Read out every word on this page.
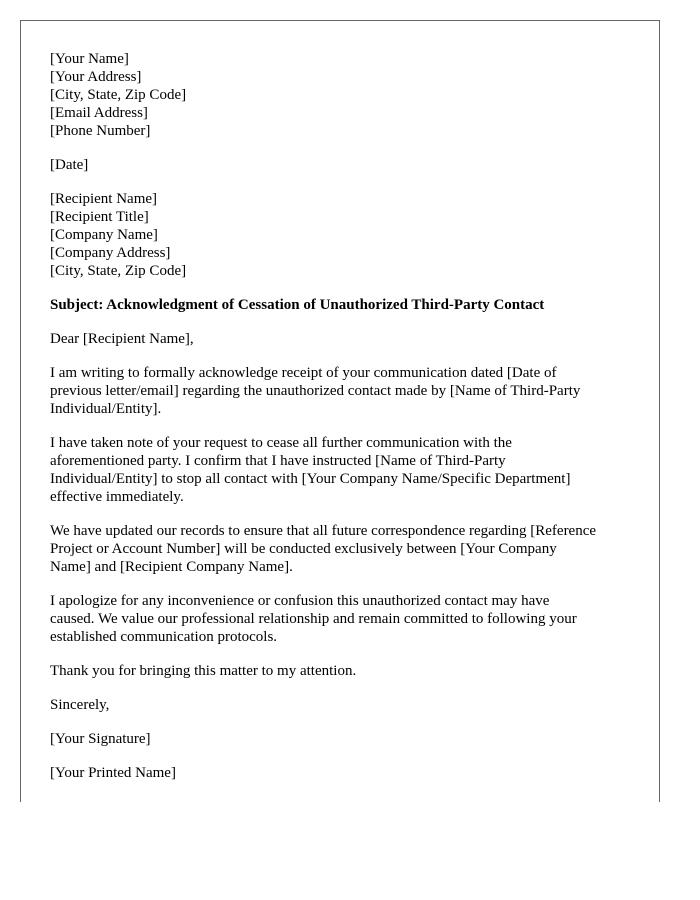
[Your Name]
[Your Address]
[City, State, Zip Code]
[Email Address]
[Phone Number]
[Date]
[Recipient Name]
[Recipient Title]
[Company Name]
[Company Address]
[City, State, Zip Code]
Subject: Acknowledgment of Cessation of Unauthorized Third-Party Contact
Dear [Recipient Name],

I am writing to formally acknowledge receipt of your communication dated [Date of
previous letter/email] regarding the unauthorized contact made by [Name of Third-Party
Individual/Entity].

I have taken note of your request to cease all further communication with the
aforementioned party. I confirm that I have instructed [Name of Third-Party
Individual/Entity] to stop all contact with [Your Company Name/Specific Department]
effective immediately.

We have updated our records to ensure that all future correspondence regarding [Reference
Project or Account Number] will be conducted exclusively between [Your Company
Name] and [Recipient Company Name].

I apologize for any inconvenience or confusion this unauthorized contact may have
caused. We value our professional relationship and remain committed to following your
established communication protocols.

Thank you for bringing this matter to my attention.

Sincerely,
[Your Signature]
[Your Printed Name]
